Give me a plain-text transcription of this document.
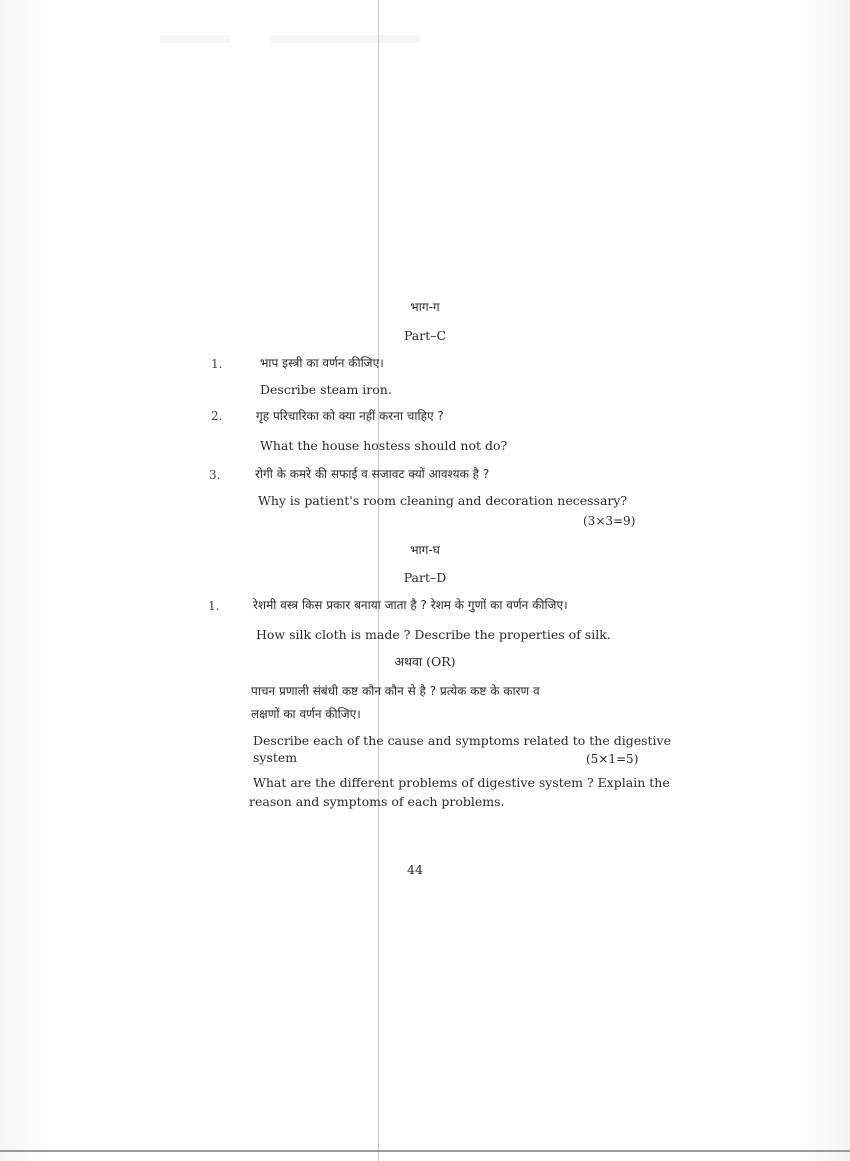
भाग-ग
Part–C
1.	भाप इस्त्री का वर्णन कीजिए।
Describe steam iron.
2.	गृह परिचारिका को क्या नहीं करना चाहिए ?
What the house hostess should not do?
3.	रोगी के कमरे की सफाई व सजावट क्यों आवश्यक है ?
Why is patient's room cleaning and decoration necessary?
(3×3=9)
भाग-घ
Part–D
1.	रेशमी वस्त्र किस प्रकार बनाया जाता है ? रेशम के गुणों का वर्णन कीजिए।
How silk cloth is made ? Describe the properties of silk.
अथवा (OR)
पाचन प्रणाली संबंधी कष्ट कौन कौन से है ? प्रत्येक कष्ट के कारण व
लक्षणों का वर्णन कीजिए।
Describe each of the cause and symptoms related to the digestive
system	(5×1=5)
What are the different problems of digestive system ? Explain the
reason and symptoms of each problems.
44
